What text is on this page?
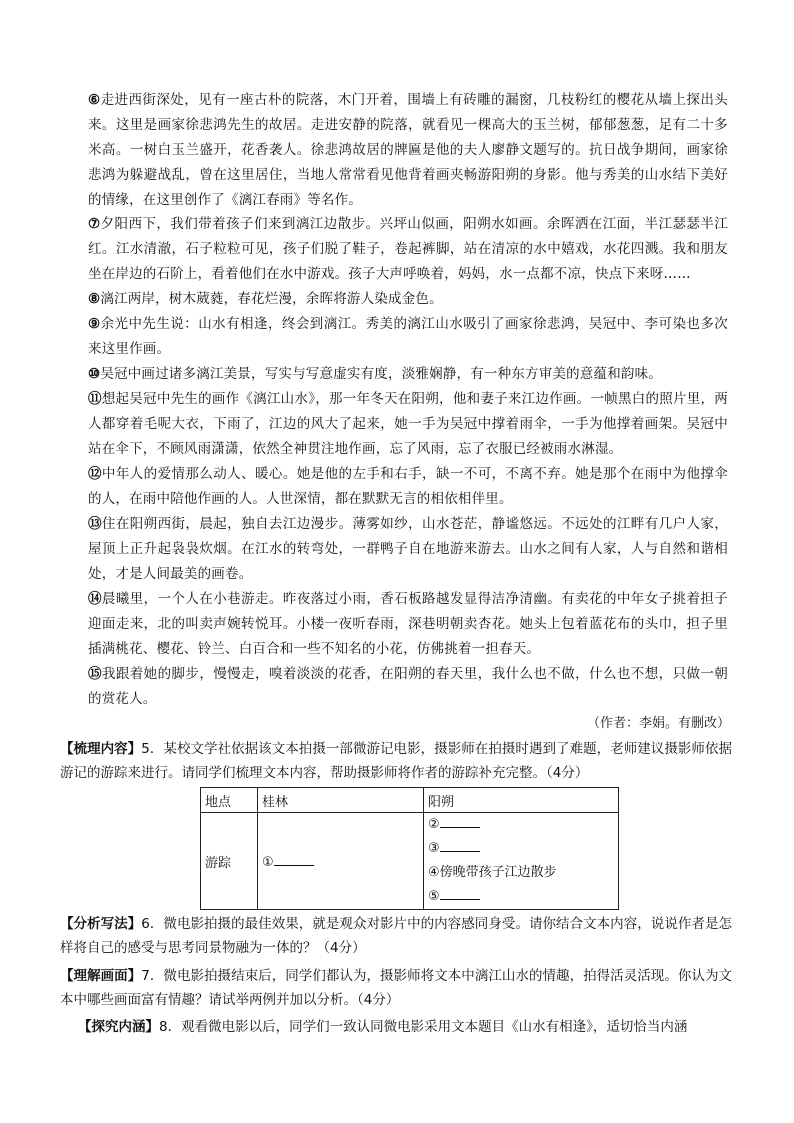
⑥走进西街深处，见有一座古朴的院落，木门开着，围墙上有砖雕的漏窗，几枝粉红的樱花从墙上探出头来。这里是画家徐悲鸿先生的故居。走进安静的院落，就看见一棵高大的玉兰树，郁郁葱葱，足有二十多米高。一树白玉兰盛开，花香袭人。徐悲鸿故居的牌匾是他的夫人廖静文题写的。抗日战争期间，画家徐悲鸿为躲避战乱，曾在这里居住，当地人常常看见他背着画夹畅游阳朔的身影。他与秀美的山水结下美好的情缘，在这里创作了《漓江春雨》等名作。

⑦夕阳西下，我们带着孩子们来到漓江边散步。兴坪山似画，阳朔水如画。余晖洒在江面，半江瑟瑟半江红。江水清澈，石子粒粒可见，孩子们脱了鞋子，卷起裤脚，站在清凉的水中嬉戏，水花四溅。我和朋友坐在岸边的石阶上，看着他们在水中游戏。孩子大声呼唤着，妈妈，水一点都不凉，快点下来呀……

⑧漓江两岸，树木葳蕤，春花烂漫，余晖将游人染成金色。

⑨余光中先生说：山水有相逢，终会到漓江。秀美的漓江山水吸引了画家徐悲鸿，吴冠中、李可染也多次来这里作画。

⑩吴冠中画过诸多漓江美景，写实与写意虚实有度，淡雅娴静，有一种东方审美的意蕴和韵味。

⑪想起吴冠中先生的画作《漓江山水》，那一年冬天在阳朔，他和妻子来江边作画。一帧黑白的照片里，两人都穿着毛呢大衣，下雨了，江边的风大了起来，她一手为吴冠中撑着雨伞，一手为他撑着画架。吴冠中站在伞下，不顾风雨潇潇，依然全神贯注地作画，忘了风雨，忘了衣服已经被雨水淋湿。

⑫中年人的爱情那么动人、暖心。她是他的左手和右手，缺一不可，不离不弃。她是那个在雨中为他撑伞的人，在雨中陪他作画的人。人世深情，都在默默无言的相依相伴里。

⑬住在阳朔西街，晨起，独自去江边漫步。薄雾如纱，山水苍茫，静谧悠远。不远处的江畔有几户人家，屋顶上正升起袅袅炊烟。在江水的转弯处，一群鸭子自在地游来游去。山水之间有人家，人与自然和谐相处，才是人间最美的画卷。

⑭晨曦里，一个人在小巷游走。昨夜落过小雨，香石板路越发显得洁净清幽。有卖花的中年女子挑着担子迎面走来，北的叫卖声婉转悦耳。小楼一夜听春雨，深巷明朝卖杏花。她头上包着蓝花布的头巾，担子里插满桃花、樱花、铃兰、白百合和一些不知名的小花，仿佛挑着一担春天。

⑮我跟着她的脚步，慢慢走，嗅着淡淡的花香，在阳朔的春天里，我什么也不做，什么也不想，只做一朝的赏花人。

（作者：李娟。有删改）

【梳理内容】5．某校文学社依据该文本拍摄一部微游记电影，摄影师在拍摄时遇到了难题，老师建议摄影师依据游记的游踪来进行。请同学们梳理文本内容，帮助摄影师将作者的游踪补充完整。（4分）

地点	桂林	阳朔
游踪	①	②
③
④傍晚带孩子江边散步
⑤

【分析写法】6．微电影拍摄的最佳效果，就是观众对影片中的内容感同身受。请你结合文本内容，说说作者是怎样将自己的感受与思考同景物融为一体的？（4分）

【理解画面】7．微电影拍摄结束后，同学们都认为，摄影师将文本中漓江山水的情趣，拍得活灵活现。你认为文本中哪些画面富有情趣？请试举两例并加以分析。（4分）

【探究内涵】8．观看微电影以后，同学们一致认同微电影采用文本题目《山水有相逢》，适切恰当内涵
